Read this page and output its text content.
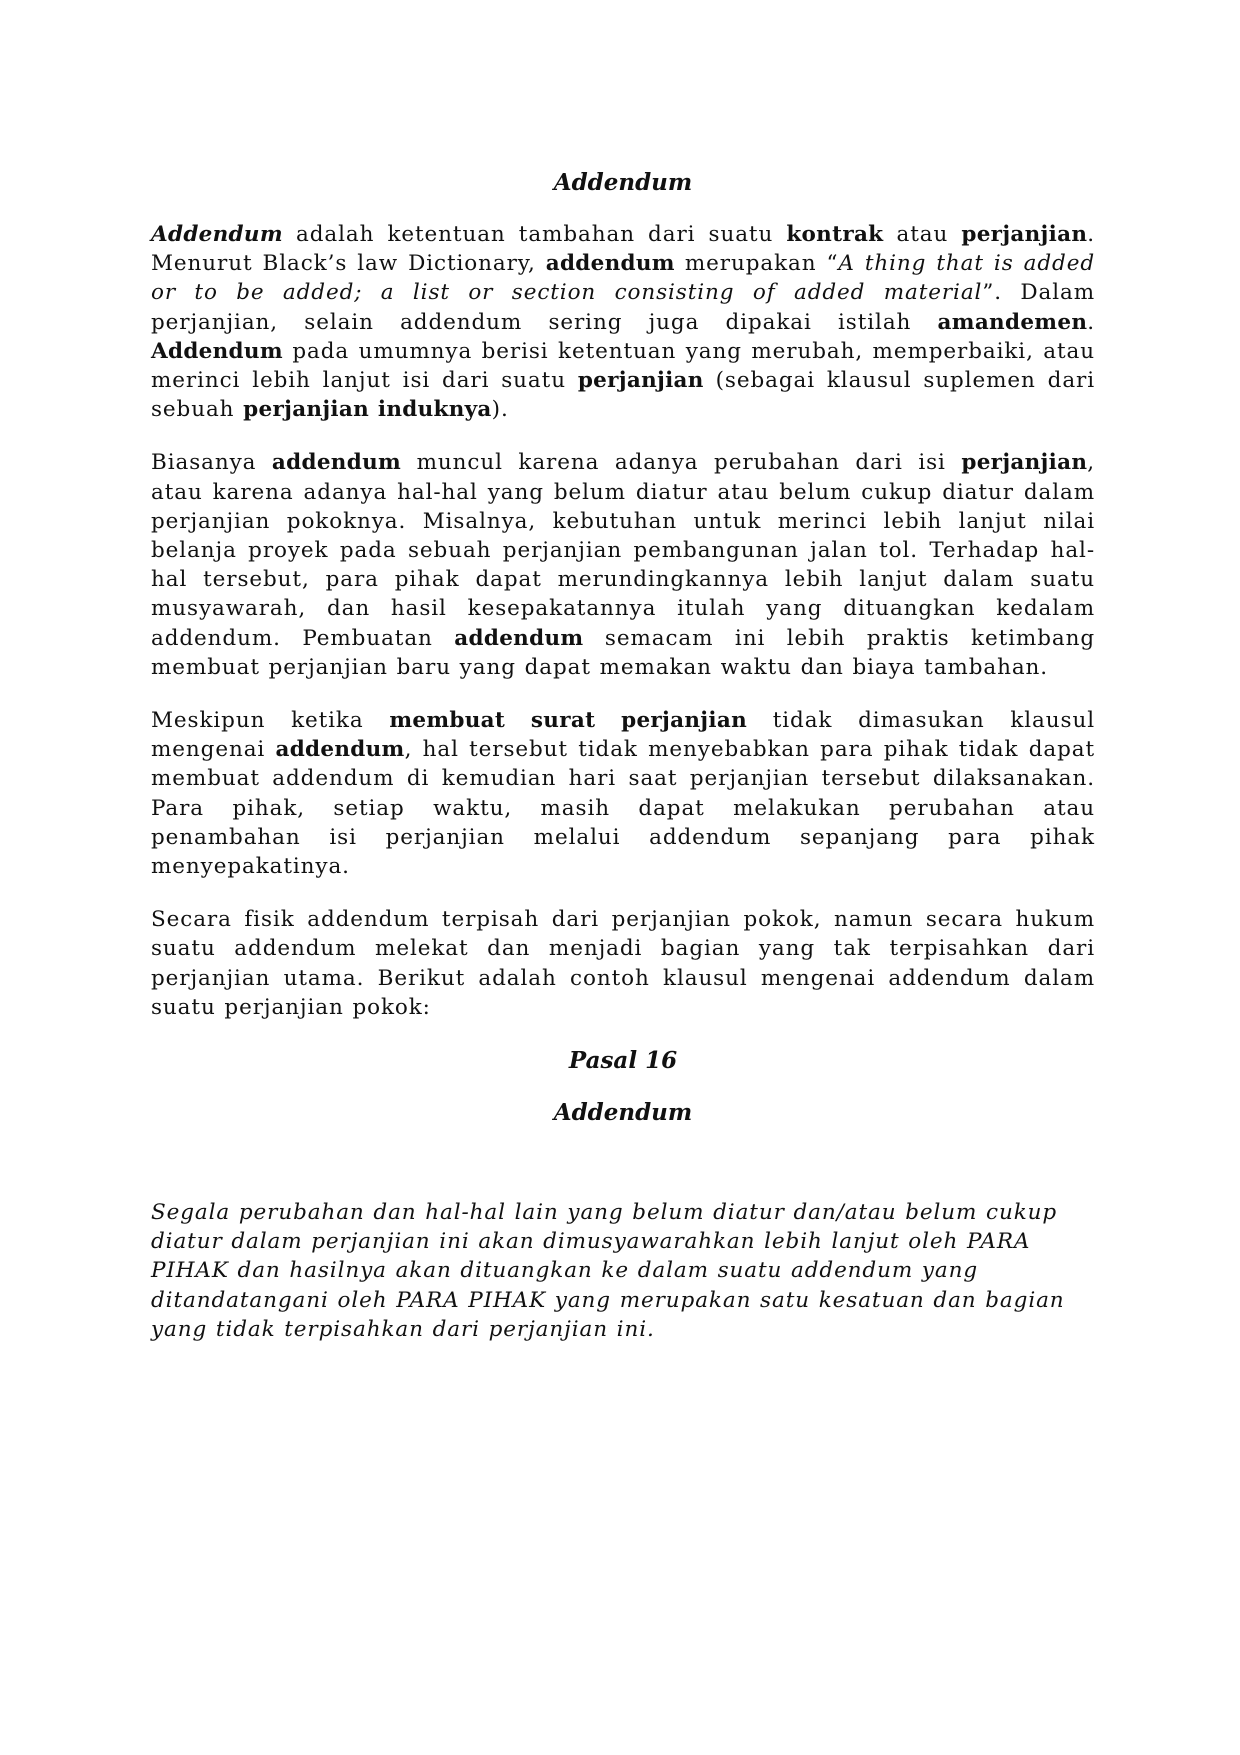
Addendum

Addendum adalah ketentuan tambahan dari suatu kontrak atau perjanjian. Menurut Black’s law Dictionary, addendum merupakan “A thing that is added or to be added; a list or section consisting of added material”. Dalam perjanjian, selain addendum sering juga dipakai istilah amandemen. Addendum pada umumnya berisi ketentuan yang merubah, memperbaiki, atau merinci lebih lanjut isi dari suatu perjanjian (sebagai klausul suplemen dari sebuah perjanjian induknya).

Biasanya addendum muncul karena adanya perubahan dari isi perjanjian, atau karena adanya hal-hal yang belum diatur atau belum cukup diatur dalam perjanjian pokoknya. Misalnya, kebutuhan untuk merinci lebih lanjut nilai belanja proyek pada sebuah perjanjian pembangunan jalan tol. Terhadap hal-hal tersebut, para pihak dapat merundingkannya lebih lanjut dalam suatu musyawarah, dan hasil kesepakatannya itulah yang dituangkan kedalam addendum. Pembuatan addendum semacam ini lebih praktis ketimbang membuat perjanjian baru yang dapat memakan waktu dan biaya tambahan.

Meskipun ketika membuat surat perjanjian tidak dimasukan klausul mengenai addendum, hal tersebut tidak menyebabkan para pihak tidak dapat membuat addendum di kemudian hari saat perjanjian tersebut dilaksanakan. Para pihak, setiap waktu, masih dapat melakukan perubahan atau penambahan isi perjanjian melalui addendum sepanjang para pihak menyepakatinya.

Secara fisik addendum terpisah dari perjanjian pokok, namun secara hukum suatu addendum melekat dan menjadi bagian yang tak terpisahkan dari perjanjian utama. Berikut adalah contoh klausul mengenai addendum dalam suatu perjanjian pokok:

Pasal 16
Addendum

Segala perubahan dan hal-hal lain yang belum diatur dan/atau belum cukup
diatur dalam perjanjian ini akan dimusyawarahkan lebih lanjut oleh PARA
PIHAK dan hasilnya akan dituangkan ke dalam suatu addendum yang
ditandatangani oleh PARA PIHAK yang merupakan satu kesatuan dan bagian
yang tidak terpisahkan dari perjanjian ini.
